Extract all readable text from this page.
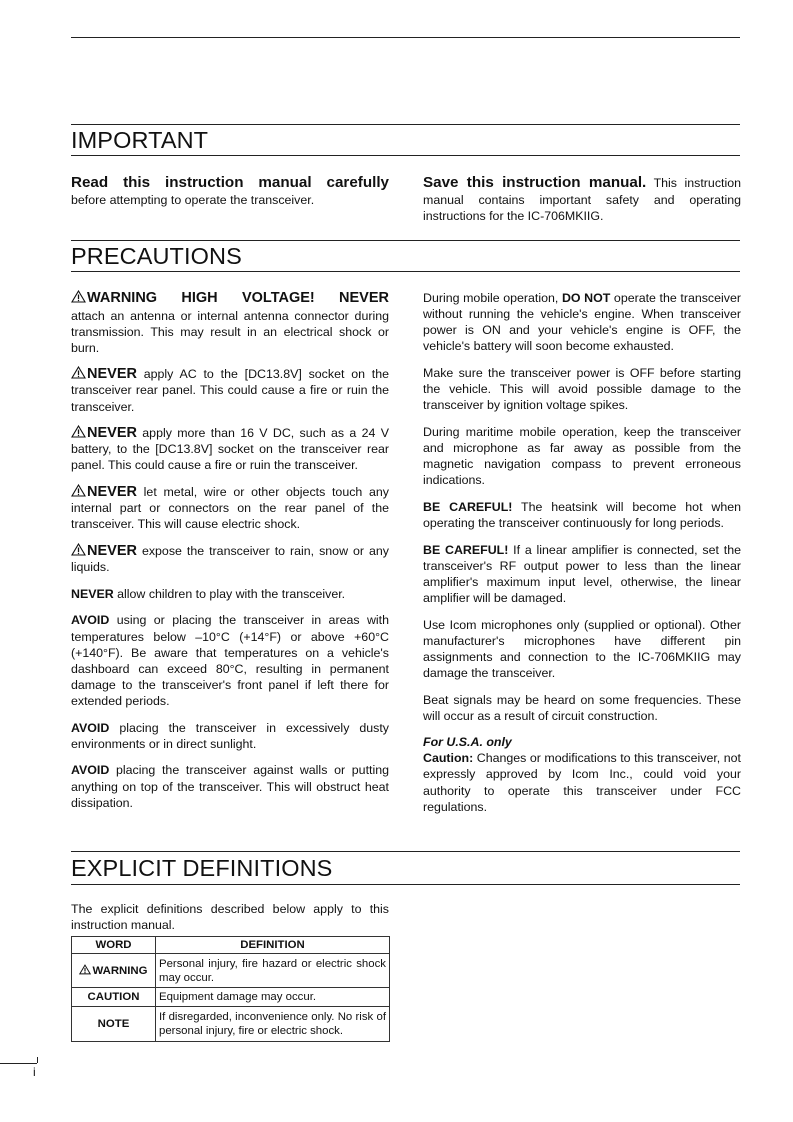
IMPORTANT

Read this instruction manual carefully
before attempting to operate the transceiver.

Save this instruction manual. This instruction manual contains important safety and operating instructions for the IC-706MKIIG.

PRECAUTIONS

WARNING HIGH VOLTAGE! NEVER
attach an antenna or internal antenna connector during transmission. This may result in an electrical shock or burn.

NEVER apply AC to the [DC13.8V] socket on the transceiver rear panel. This could cause a fire or ruin the transceiver.

NEVER apply more than 16 V DC, such as a 24 V battery, to the [DC13.8V] socket on the transceiver rear panel. This could cause a fire or ruin the transceiver.

NEVER let metal, wire or other objects touch any internal part or connectors on the rear panel of the transceiver. This will cause electric shock.

NEVER expose the transceiver to rain, snow or any liquids.

NEVER allow children to play with the transceiver.

AVOID using or placing the transceiver in areas with temperatures below –10°C (+14°F) or above +60°C (+140°F). Be aware that temperatures on a vehicle's dashboard can exceed 80°C, resulting in permanent damage to the transceiver's front panel if left there for extended periods.

AVOID placing the transceiver in excessively dusty environments or in direct sunlight.

AVOID placing the transceiver against walls or putting anything on top of the transceiver. This will obstruct heat dissipation.

During mobile operation, DO NOT operate the transceiver without running the vehicle's engine. When transceiver power is ON and your vehicle's engine is OFF, the vehicle's battery will soon become exhausted.

Make sure the transceiver power is OFF before starting the vehicle. This will avoid possible damage to the transceiver by ignition voltage spikes.

During maritime mobile operation, keep the transceiver and microphone as far away as possible from the magnetic navigation compass to prevent erroneous indications.

BE CAREFUL! The heatsink will become hot when operating the transceiver continuously for long periods.

BE CAREFUL! If a linear amplifier is connected, set the transceiver's RF output power to less than the linear amplifier's maximum input level, otherwise, the linear amplifier will be damaged.

Use Icom microphones only (supplied or optional). Other manufacturer's microphones have different pin assignments and connection to the IC-706MKIIG may damage the transceiver.

Beat signals may be heard on some frequencies. These will occur as a result of circuit construction.

For U.S.A. only
Caution: Changes or modifications to this transceiver, not expressly approved by Icom Inc., could void your authority to operate this transceiver under FCC regulations.

EXPLICIT DEFINITIONS

The explicit definitions described below apply to this instruction manual.

WORD	DEFINITION

WARNING	Personal injury, fire hazard or electric shock may occur.
CAUTION	Equipment damage may occur.
NOTE	If disregarded, inconvenience only. No risk of personal injury, fire or electric shock.
i
